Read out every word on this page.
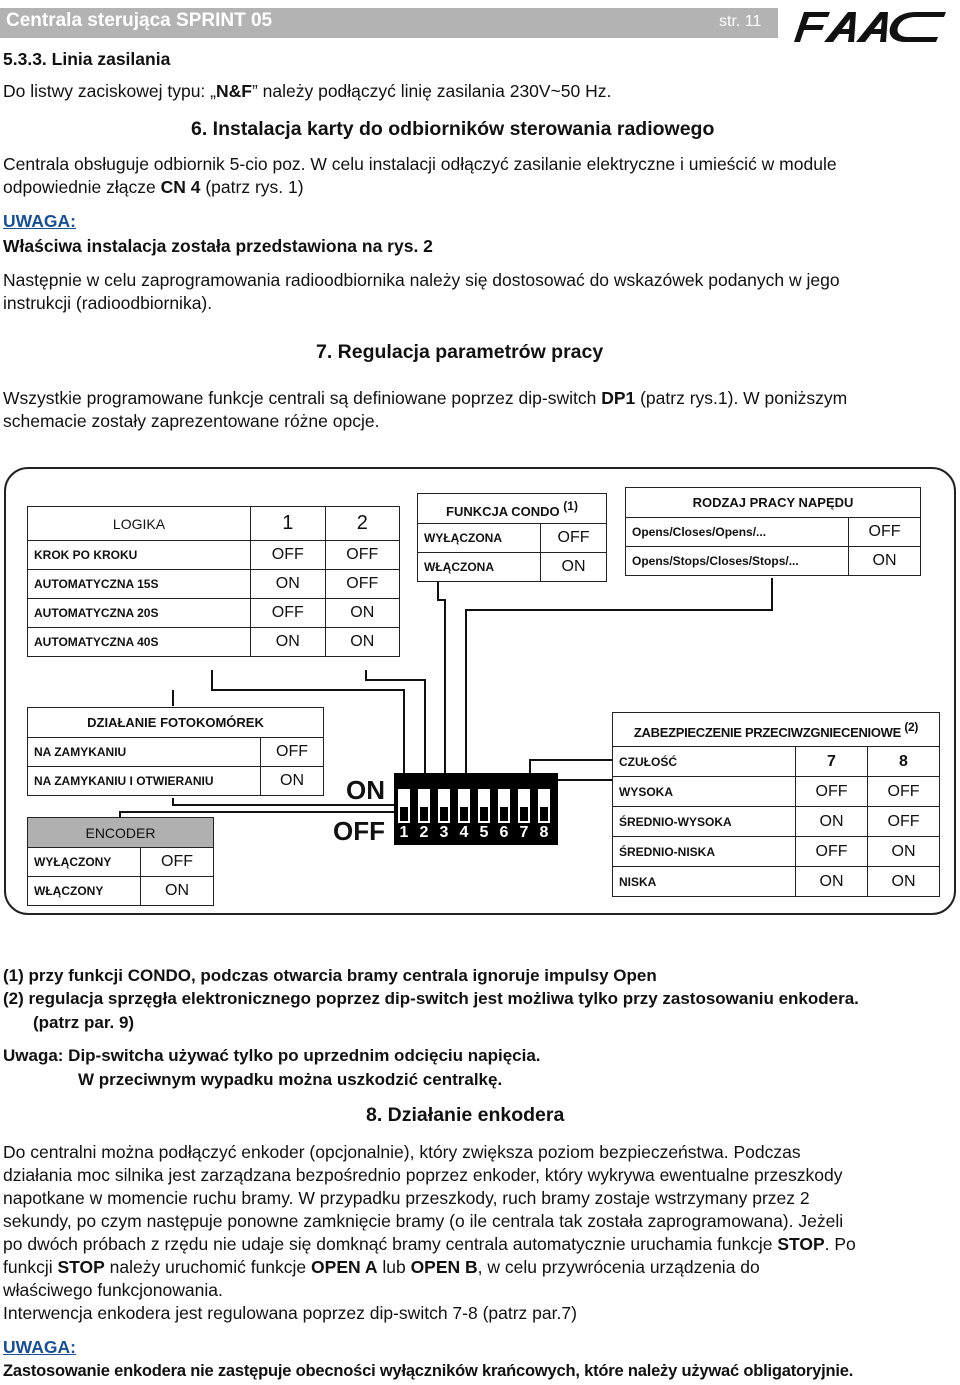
Centrala sterująca SPRINT 05	str. 11
5.3.3. Linia zasilania
Do listwy zaciskowej typu: „N&F” należy podłączyć linię zasilania 230V~50 Hz.
6. Instalacja karty do odbiorników sterowania radiowego
Centrala obsługuje odbiornik 5-cio poz. W celu instalacji odłączyć zasilanie elektryczne i umieścić w module
odpowiednie złącze CN 4 (patrz rys. 1)
UWAGA:
Właściwa instalacja została przedstawiona na rys. 2
Następnie w celu zaprogramowania radioodbiornika należy się dostosować do wskazówek podanych w jego
instrukcji (radioodbiornika).
7. Regulacja parametrów pracy
Wszystkie programowane funkcje centrali są definiowane poprzez dip-switch DP1 (patrz rys.1). W poniższym
schemacie zostały zaprezentowane różne opcje.
LOGIKA	1	2
KROK PO KROKU	OFF	OFF
AUTOMATYCZNA 15S	ON	OFF
AUTOMATYCZNA 20S	OFF	ON
AUTOMATYCZNA 40S	ON	ON
FUNKCJA CONDO (1)	
WYŁĄCZONA	OFF
WŁĄCZONA	ON
RODZAJ PRACY NAPĘDU	
Opens/Closes/Opens/...	OFF
Opens/Stops/Closes/Stops/...	ON
DZIAŁANIE FOTOKOMÓREK	
NA ZAMYKANIU	OFF
NA ZAMYKANIU I OTWIERANIU	ON
ENCODER	
WYŁĄCZONY	OFF
WŁĄCZONY	ON
ON
OFF 1 2 3 4 5 6 7 8
ZABEZPIECZENIE PRZECIWZGNIECENIOWE (2)		
CZUŁOŚĆ	7	8
WYSOKA	OFF	OFF
ŚREDNIO-WYSOKA	ON	OFF
ŚREDNIO-NISKA	OFF	ON
NISKA	ON	ON
(1) przy funkcji CONDO, podczas otwarcia bramy centrala ignoruje impulsy Open
(2) regulacja sprzęgła elektronicznego poprzez dip-switch jest możliwa tylko przy zastosowaniu enkodera.
(patrz par. 9)
Uwaga: Dip-switcha używać tylko po uprzednim odcięciu napięcia.
W przeciwnym wypadku można uszkodzić centralkę.
8. Działanie enkodera
Do centralni można podłączyć enkoder (opcjonalnie), który zwiększa poziom bezpieczeństwa. Podczas
działania moc silnika jest zarządzana bezpośrednio poprzez enkoder, który wykrywa ewentualne przeszkody
napotkane w momencie ruchu bramy. W przypadku przeszkody, ruch bramy zostaje wstrzymany przez 2
sekundy, po czym następuje ponowne zamknięcie bramy (o ile centrala tak została zaprogramowana). Jeżeli
po dwóch próbach z rzędu nie udaje się domknąć bramy centrala automatycznie uruchamia funkcje STOP. Po
funkcji STOP należy uruchomić funkcje OPEN A lub OPEN B, w celu przywrócenia urządzenia do
właściwego funkcjonowania.
Interwencja enkodera jest regulowana poprzez dip-switch 7-8 (patrz par.7)
UWAGA:
Zastosowanie enkodera nie zastępuje obecności wyłączników krańcowych, które należy używać obligatoryjnie.
